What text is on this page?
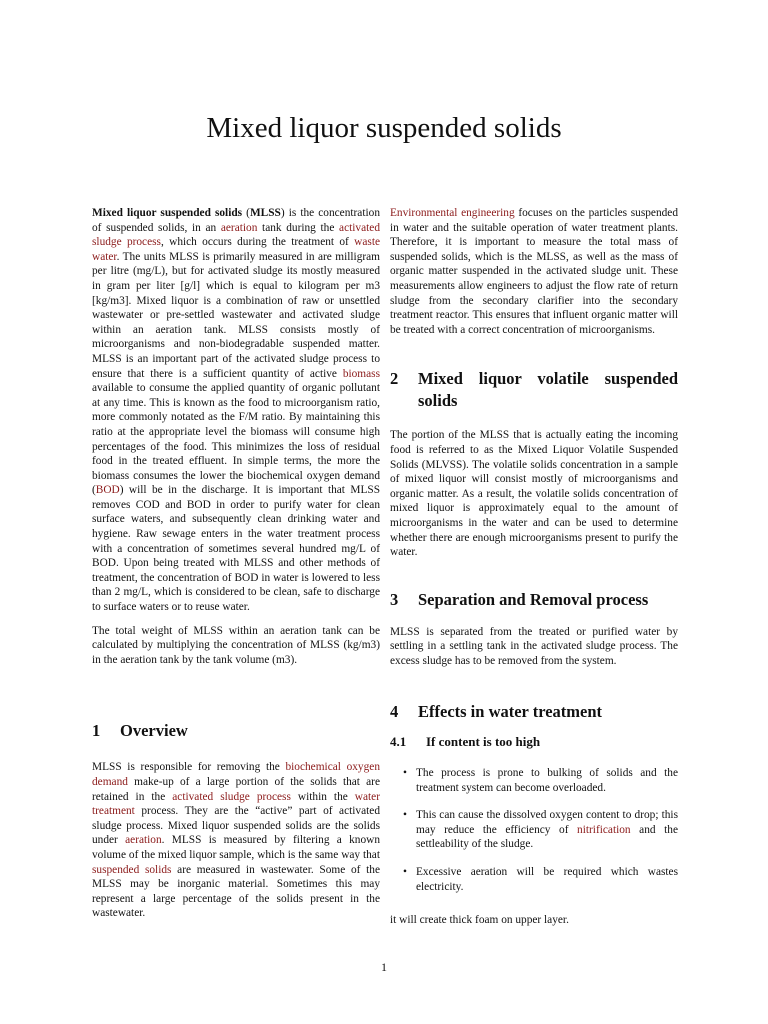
Mixed liquor suspended solids

Mixed liquor suspended solids (MLSS) is the concentration of suspended solids, in an aeration tank during the activated sludge process, which occurs during the treatment of waste water. The units MLSS is primarily measured in are milligram per litre (mg/L), but for activated sludge its mostly measured in gram per liter [g/l] which is equal to kilogram per m3 [kg/m3]. Mixed liquor is a combination of raw or unsettled wastewater or pre-settled wastewater and activated sludge within an aeration tank. MLSS consists mostly of microorganisms and non-biodegradable suspended matter. MLSS is an important part of the activated sludge process to ensure that there is a sufficient quantity of active biomass available to consume the applied quantity of organic pollutant at any time. This is known as the food to microorganism ratio, more commonly notated as the F/M ratio. By maintaining this ratio at the appropriate level the biomass will consume high percentages of the food. This minimizes the loss of residual food in the treated effluent. In simple terms, the more the biomass consumes the lower the biochemical oxygen demand (BOD) will be in the discharge. It is important that MLSS removes COD and BOD in order to purify water for clean surface waters, and subsequently clean drinking water and hygiene. Raw sewage enters in the water treatment process with a concentration of sometimes several hundred mg/L of BOD. Upon being treated with MLSS and other methods of treatment, the concentration of BOD in water is lowered to less than 2 mg/L, which is considered to be clean, safe to discharge to surface waters or to reuse water.

The total weight of MLSS within an aeration tank can be calculated by multiplying the concentration of MLSS (kg/m3) in the aeration tank by the tank volume (m3).

1	Overview

MLSS is responsible for removing the biochemical oxygen demand make-up of a large portion of the solids that are retained in the activated sludge process within the water treatment process. They are the “active” part of activated sludge process. Mixed liquor suspended solids are the solids under aeration. MLSS is measured by filtering a known volume of the mixed liquor sample, which is the same way that suspended solids are measured in wastewater. Some of the MLSS may be inorganic material. Sometimes this may represent a large percentage of the solids present in the wastewater.

Environmental engineering focuses on the particles suspended in water and the suitable operation of water treatment plants. Therefore, it is important to measure the total mass of suspended solids, which is the MLSS, as well as the mass of organic matter suspended in the activated sludge unit. These measurements allow engineers to adjust the flow rate of return sludge from the secondary clarifier into the secondary treatment reactor. This ensures that influent organic matter will be treated with a correct concentration of microorganisms.

2	Mixed liquor volatile suspended solids

The portion of the MLSS that is actually eating the incoming food is referred to as the Mixed Liquor Volatile Suspended Solids (MLVSS). The volatile solids concentration in a sample of mixed liquor will consist mostly of microorganisms and organic matter. As a result, the volatile solids concentration of mixed liquor is approximately equal to the amount of microorganisms in the water and can be used to determine whether there are enough microorganisms present to purify the water.

3	Separation and Removal process

MLSS is separated from the treated or purified water by settling in a settling tank in the activated sludge process. The excess sludge has to be removed from the system.

4	Effects in water treatment
4.1	If content is too high
• The process is prone to bulking of solids and the treatment system can become overloaded.
• This can cause the dissolved oxygen content to drop; this may reduce the efficiency of nitrification and the settleability of the sludge.
• Excessive aeration will be required which wastes electricity.

it will create thick foam on upper layer.

1
